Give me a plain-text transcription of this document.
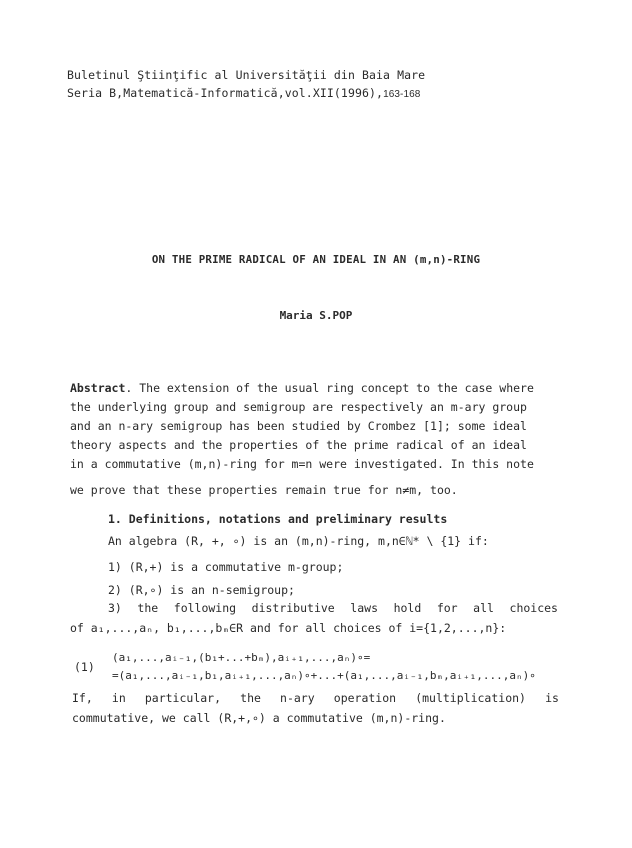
Buletinul Ştiinţific al Universităţii din Baia Mare
Seria B,Matematică-Informatică,vol.XII(1996),163-168
ON THE PRIME RADICAL OF AN IDEAL IN AN (m,n)-RING
Maria S.POP
Abstract. The extension of the usual ring concept to the case where
the underlying group and semigroup are respectively an m-ary group
and an n-ary semigroup has been studied by Crombez [1]; some ideal
theory aspects and the properties of the prime radical of an ideal
in a commutative (m,n)-ring for m=n were investigated. In this note
we prove that these properties remain true for n≠m, too.
1. Definitions, notations and preliminary results
An algebra (R, +, ∘) is an (m,n)-ring, m,n∈ℕ* \ {1} if:
1) (R,+) is a commutative m-group;
2) (R,∘) is an n-semigroup;
3) the following distributive laws hold for all choices
of a₁,...,aₙ, b₁,...,bₘ∈R and for all choices of i={1,2,...,n}:
(1)
(a₁,...,aᵢ₋₁,(b₁+...+bₘ),aᵢ₊₁,...,aₙ)∘=
=(a₁,...,aᵢ₋₁,b₁,aᵢ₊₁,...,aₙ)∘+...+(a₁,...,aᵢ₋₁,bₘ,aᵢ₊₁,...,aₙ)∘
If, in particular, the n-ary operation (multiplication) is
commutative, we call (R,+,∘) a commutative (m,n)-ring.
